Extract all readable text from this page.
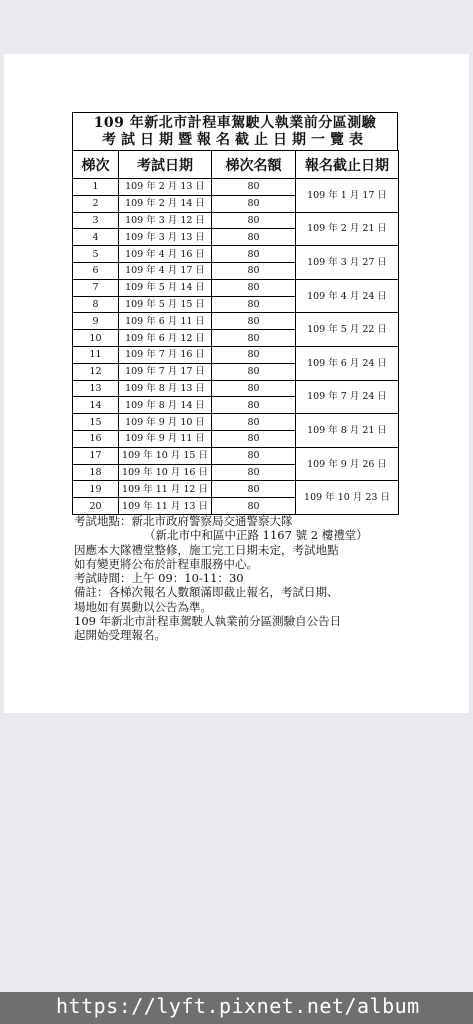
109 年新北市計程車駕駛人執業前分區測驗
考試日期暨報名截止日期一覽表
梯次	考試日期	梯次名額	報名截止日期
1	109 年 2 月 13 日	80	109 年 1 月 17 日
2	109 年 2 月 14 日	80	
3	109 年 3 月 12 日	80	109 年 2 月 21 日
4	109 年 3 月 13 日	80	
5	109 年 4 月 16 日	80	109 年 3 月 27 日
6	109 年 4 月 17 日	80	
7	109 年 5 月 14 日	80	109 年 4 月 24 日
8	109 年 5 月 15 日	80	
9	109 年 6 月 11 日	80	109 年 5 月 22 日
10	109 年 6 月 12 日	80	
11	109 年 7 月 16 日	80	109 年 6 月 24 日
12	109 年 7 月 17 日	80	
13	109 年 8 月 13 日	80	109 年 7 月 24 日
14	109 年 8 月 14 日	80	
15	109 年 9 月 10 日	80	109 年 8 月 21 日
16	109 年 9 月 11 日	80	
17	109 年 10 月 15 日	80	109 年 9 月 26 日
18	109 年 10 月 16 日	80	
19	109 年 11 月 12 日	80	109 年 10 月 23 日
20	109 年 11 月 13 日	80	

考試地點：新北市政府警察局交通警察大隊

（新北市中和區中正路 1167 號 2 樓禮堂）

因應本大隊禮堂整修，施工完工日期未定，考試地點

如有變更將公布於計程車服務中心。

考試時間：上午 09：10-11：30

備註：各梯次報名人數額滿即截止報名，考試日期、

場地如有異動以公告為準。

109 年新北市計程車駕駛人執業前分區測驗自公告日

起開始受理報名。

https://lyft.pixnet.net/album
